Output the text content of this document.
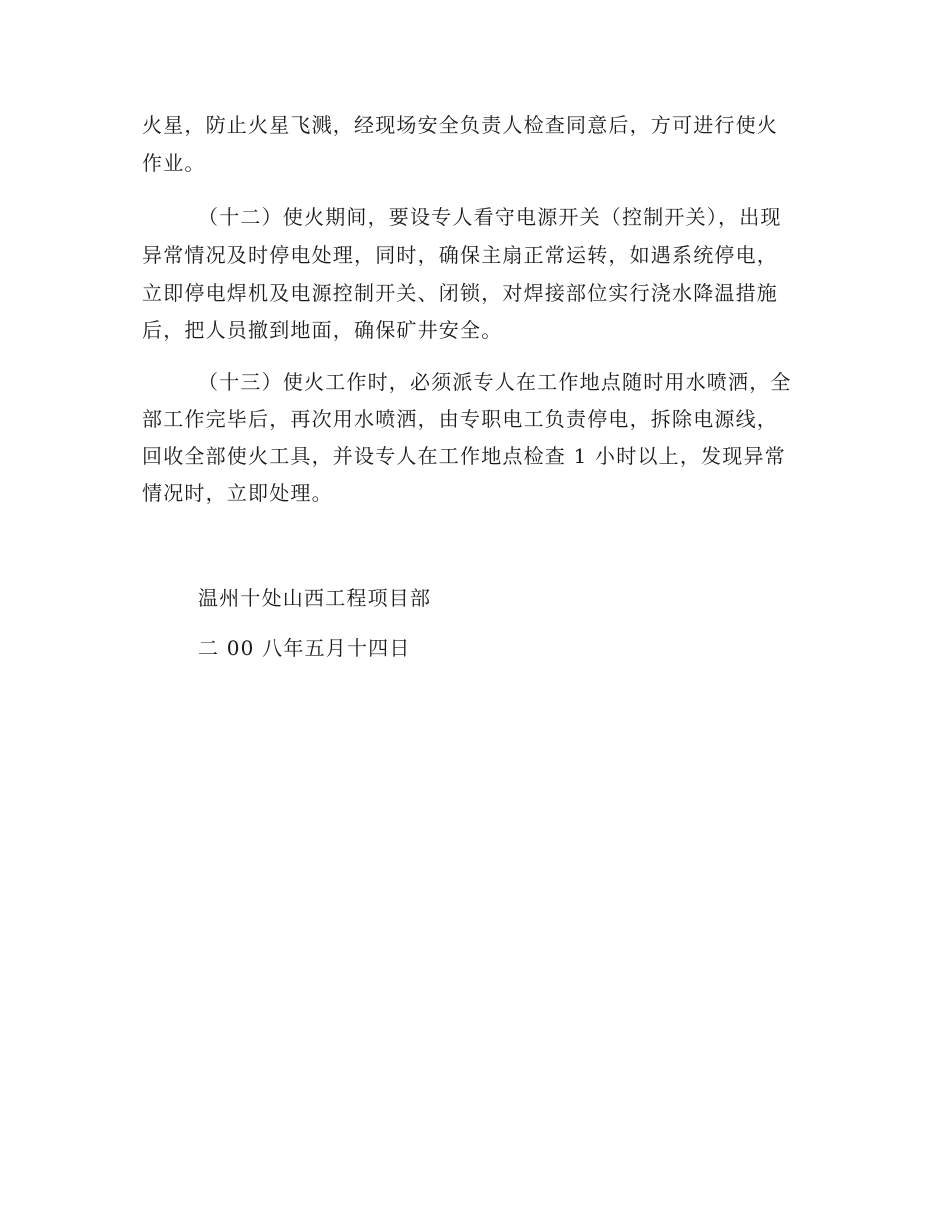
火星，防止火星飞溅，经现场安全负责人检查同意后，方可进行使火
作业。
（十二）使火期间，要设专人看守电源开关（控制开关），出现
异常情况及时停电处理，同时，确保主扇正常运转，如遇系统停电，
立即停电焊机及电源控制开关、闭锁，对焊接部位实行浇水降温措施
后，把人员撤到地面，确保矿井安全。
（十三）使火工作时，必须派专人在工作地点随时用水喷洒，全
部工作完毕后，再次用水喷洒，由专职电工负责停电，拆除电源线，
回收全部使火工具，并设专人在工作地点检查 1 小时以上，发现异常
情况时，立即处理。
温州十处山西工程项目部
二 00 八年五月十四日
